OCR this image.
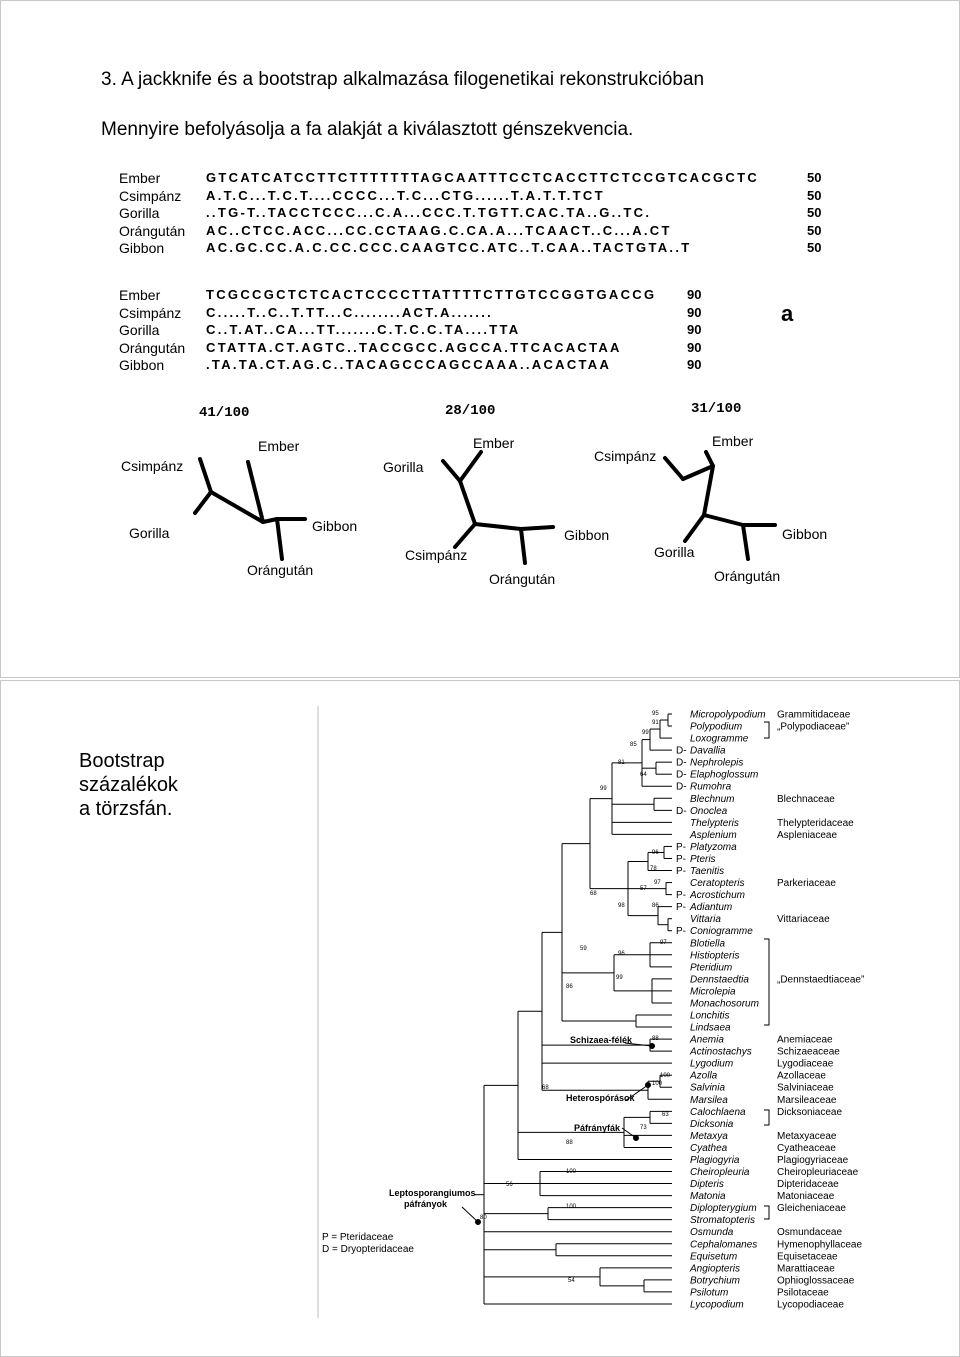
3. A jackknife és a bootstrap alkalmazása filogenetikai rekonstrukcióban
Mennyire befolyásolja a fa alakját a kiválasztott génszekvencia.
Ember	GTCATCATCCTTCTTTTTTTAGCAATTTCCTCACCTTCTCCGTCACGCTC	50
Csimpánz A.T.C...T.C.T....CCCC...T.C...CTG......T.A.T.T.TCT	50
Gorilla	..TG-T..TACCTCCC...C.A...CCC.T.TGTT.CAC.TA..G..TC.	50
Orángután AC..CTCC.ACC...CC.CCTAAG.C.CA.A...TCAACT..C...A.CT	50
Gibbon	AC.GC.CC.A.C.CC.CCC.CAAGTCC.ATC..T.CAA..TACTGTA..T	50
Ember	TCGCCGCTCTCACTCCCCTTATTTTCTTGTCCGGTGACCG 90
Csimpánz C.....T..C..T.TT...C........ACT.A.......	90
Gorilla	C..T.AT..CA...TT.......C.T.C.C.TA....TTA	90
Orángután CTATTA.CT.AGTC..TACCGCC.AGCCA.TTCACACTAA	90
Gibbon	.TA.TA.CT.AG.C..TACAGCCCAGCCAAA..ACACTAA	90
a
41/100	28/100	31/100
Ember
Csimpánz
Gorilla
Orángután
Gibbon
Ember
Gorilla
Csimpánz
Orángután
Gibbon
Ember
Csimpánz
Gorilla
Orángután
Gibbon
Bootstrap
százalékok
a törzsfán.
Micropolypodium
Polypodium
Loxogramme
D- Davallia
D- Nephrolepis
D- Elaphoglossum
D- Rumohra
Blechnum
D- Onoclea
Thelypteris
Asplenium
P- Platyzoma
P- Pteris
P- Taenitis
Ceratopteris
P- Acrostichum
P- Adiantum
Vittaria
P- Coniogramme
Blotiella
Histiopteris
Pteridium
Dennstaedtia
Microlepia
Monachosorum
Lonchitis
Lindsaea
Anemia
Actinostachys
Lygodium
Azolla
Salvinia
Marsilea
Calochlaena
Dicksonia
Metaxya
Cyathea
Plagiogyria
Cheiropleuria
Dipteris
Matonia
Diplopterygium
Stromatopteris
Osmunda
Cephalomanes
Equisetum
Angiopteris
Botrychium
Psilotum
Lycopodium
Grammitidaceae
„Polypodiaceae”
Blechnaceae
Thelypteridaceae
Aspleniaceae
Parkeriaceae
Vittariaceae
„Dennstaedtiaceae”
Anemiaceae
Schizaeaceae
Lygodiaceae
Azollaceae
Salviniaceae
Marsileaceae
Dicksoniaceae
Metaxyaceae
Cyatheaceae
Plagiogyriaceae
Cheiropleuriaceae
Dipteridaceae
Matoniaceae
Gleicheniaceae
Osmundaceae
Hymenophyllaceae
Equisetaceae
Marattiaceae
Ophioglossaceae
Psilotaceae
Lycopodiaceae
95
91
99
85
81
64
99
96
78
97
57
68
98	86
97
59
96
99
86
68
88
100
100
63
73
88
100
56
100
80
54
Schizaea-félék
Heterospórások
Páfrányfák
Leptosporangiumos
páfrányok
P = Pteridaceae
D = Dryopteridaceae
